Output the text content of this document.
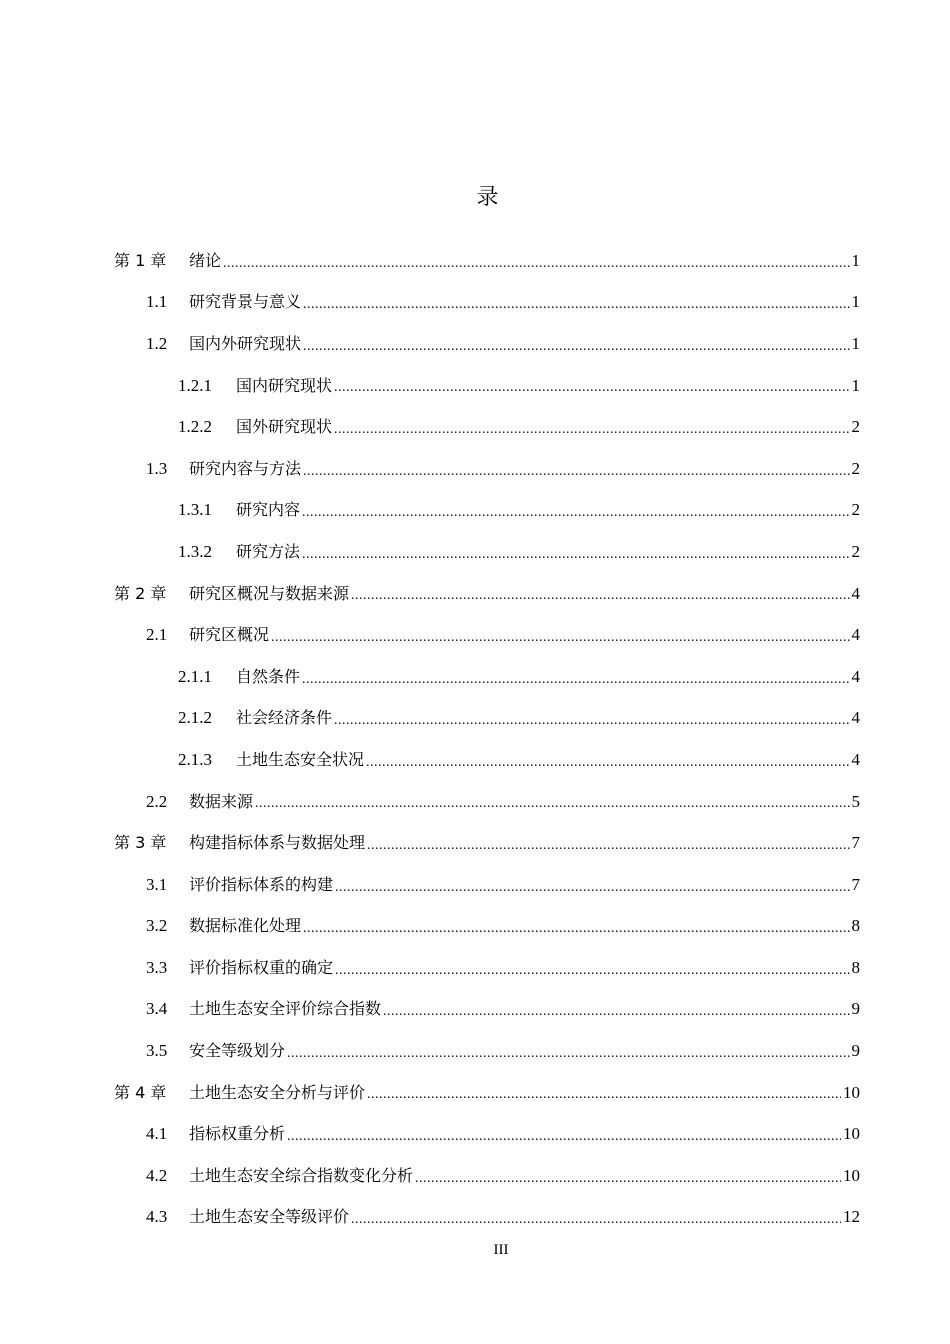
录
第 1 章	绪论 .....	1
1.1	研究背景与意义 .....	1
1.2	国内外研究现状 .....	1
1.2.1	国内研究现状 .....	1
1.2.2	国外研究现状 .....	2
1.3	研究内容与方法 .....	2
1.3.1	研究内容 .....	2
1.3.2	研究方法 .....	2
第 2 章	研究区概况与数据来源 .....	4
2.1	研究区概况 .....	4
2.1.1	自然条件 .....	4
2.1.2	社会经济条件 .....	4
2.1.3	土地生态安全状况 .....	4
2.2	数据来源 .....	5
第 3 章	构建指标体系与数据处理 .....	7
3.1	评价指标体系的构建 .....	7
3.2	数据标准化处理 .....	8
3.3	评价指标权重的确定 .....	8
3.4	土地生态安全评价综合指数 .....	9
3.5	安全等级划分 .....	9
第 4 章	土地生态安全分析与评价 .....	10
4.1	指标权重分析 .....	10
4.2	土地生态安全综合指数变化分析 .....	10
4.3	土地生态安全等级评价 .....	12
III
